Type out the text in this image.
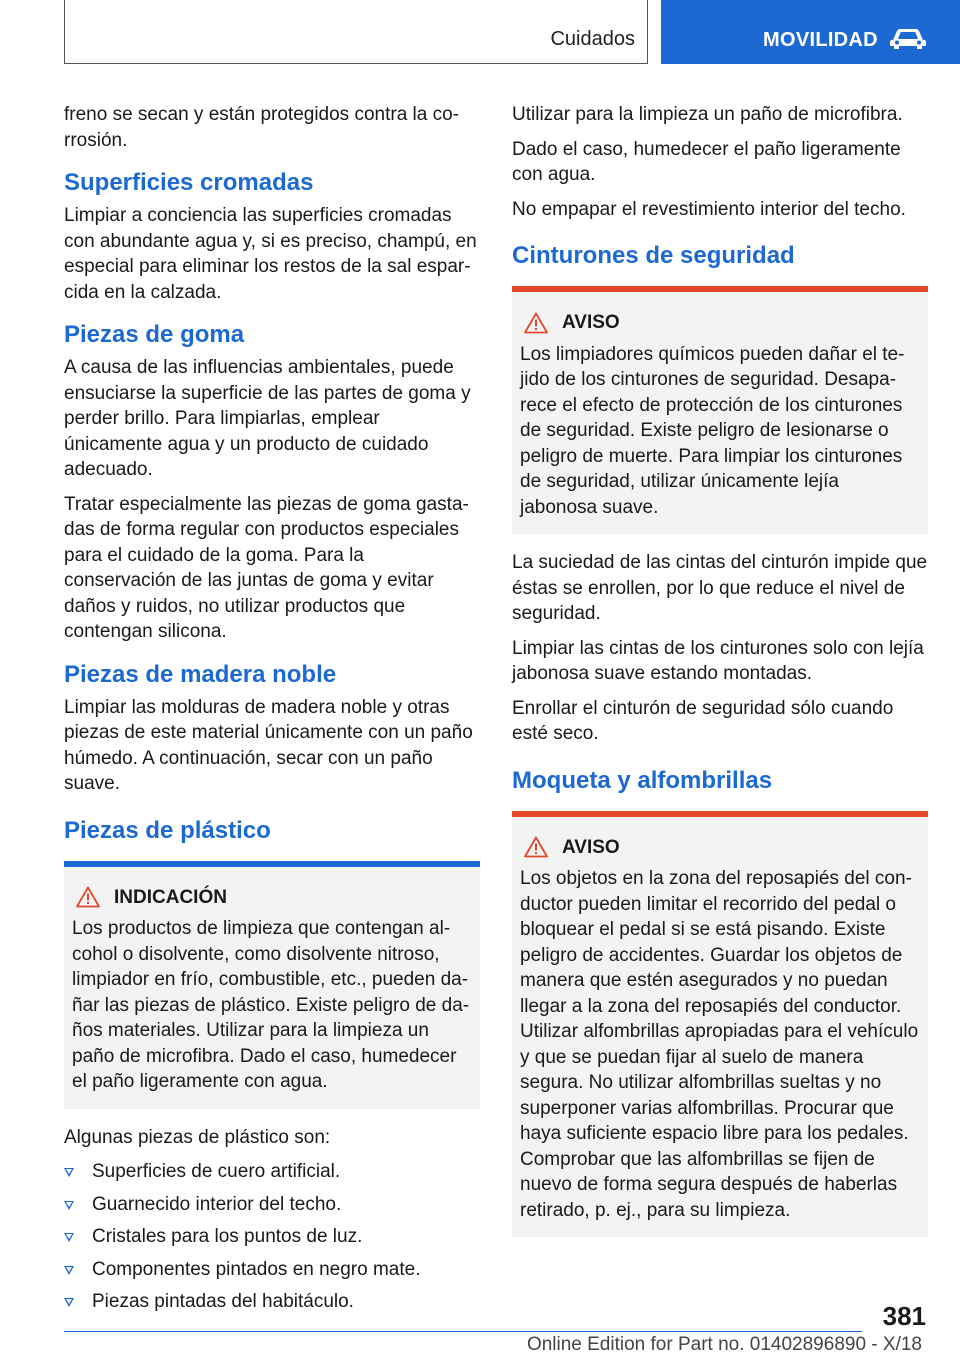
Cuidados	MOVILIDAD

freno se secan y están protegidos contra la corrosión.

Superficies cromadas

Limpiar a conciencia las superficies cromadas con abundante agua y, si es preciso, champú, en especial para eliminar los restos de la sal esparcida en la calzada.

Piezas de goma

A causa de las influencias ambientales, puede ensuciarse la superficie de las partes de goma y perder brillo. Para limpiarlas, emplear únicamente agua y un producto de cuidado adecuado.

Tratar especialmente las piezas de goma gastadas de forma regular con productos especiales para el cuidado de la goma. Para la conservación de las juntas de goma y evitar daños y ruidos, no utilizar productos que contengan silicona.

Piezas de madera noble

Limpiar las molduras de madera noble y otras piezas de este material únicamente con un paño húmedo. A continuación, secar con un paño suave.

Piezas de plástico
INDICACIÓN

Los productos de limpieza que contengan alcohol o disolvente, como disolvente nitroso, limpiador en frío, combustible, etc., pueden dañar las piezas de plástico. Existe peligro de daños materiales. Utilizar para la limpieza un paño de microfibra. Dado el caso, humedecer el paño ligeramente con agua.

Algunas piezas de plástico son:

Superficies de cuero artificial.
Guarnecido interior del techo.
Cristales para los puntos de luz.
Componentes pintados en negro mate.
Piezas pintadas del habitáculo.

Utilizar para la limpieza un paño de microfibra.

Dado el caso, humedecer el paño ligeramente con agua.

No empapar el revestimiento interior del techo.

Cinturones de seguridad
AVISO

Los limpiadores químicos pueden dañar el tejido de los cinturones de seguridad. Desaparece el efecto de protección de los cinturones de seguridad. Existe peligro de lesionarse o peligro de muerte. Para limpiar los cinturones de seguridad, utilizar únicamente lejía jabonosa suave.

La suciedad de las cintas del cinturón impide que éstas se enrollen, por lo que reduce el nivel de seguridad.

Limpiar las cintas de los cinturones solo con lejía jabonosa suave estando montadas.

Enrollar el cinturón de seguridad sólo cuando esté seco.

Moqueta y alfombrillas
AVISO

Los objetos en la zona del reposapiés del conductor pueden limitar el recorrido del pedal o bloquear el pedal si se está pisando. Existe peligro de accidentes. Guardar los objetos de manera que estén asegurados y no puedan llegar a la zona del reposapiés del conductor. Utilizar alfombrillas apropiadas para el vehículo y que se puedan fijar al suelo de manera segura. No utilizar alfombrillas sueltas y no superponer varias alfombrillas. Procurar que haya suficiente espacio libre para los pedales. Comprobar que las alfombrillas se fijen de nuevo de forma segura después de haberlas retirado, p. ej., para su limpieza.

381
Online Edition for Part no. 01402896890 - X/18
